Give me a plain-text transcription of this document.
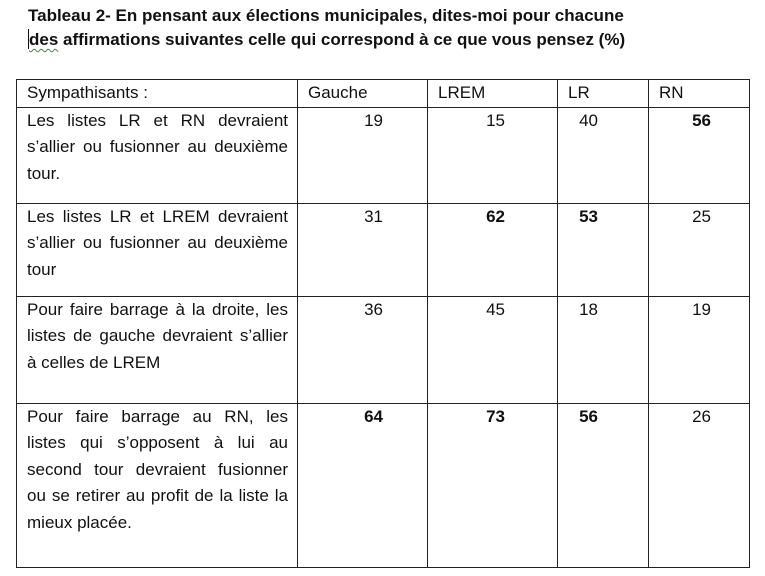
Tableau 2- En pensant aux élections municipales, dites-moi pour chacune
des affirmations suivantes celle qui correspond à ce que vous pensez (%)
Sympathisants :	Gauche	LREM	LR	RN

Les listes LR et RN devraient s’allier ou fusionner au deuxième tour.	19	15	40	56

Les listes LR et LREM devraient s’allier ou fusionner au deuxième tour	31	62	53	25

Pour faire barrage à la droite, les listes de gauche devraient s’allier à celles de LREM	36	45	18	19

Pour faire barrage au RN, les listes qui s’opposent à lui au second tour devraient fusionner ou se retirer au profit de la liste la mieux placée.	64	73	56	26
